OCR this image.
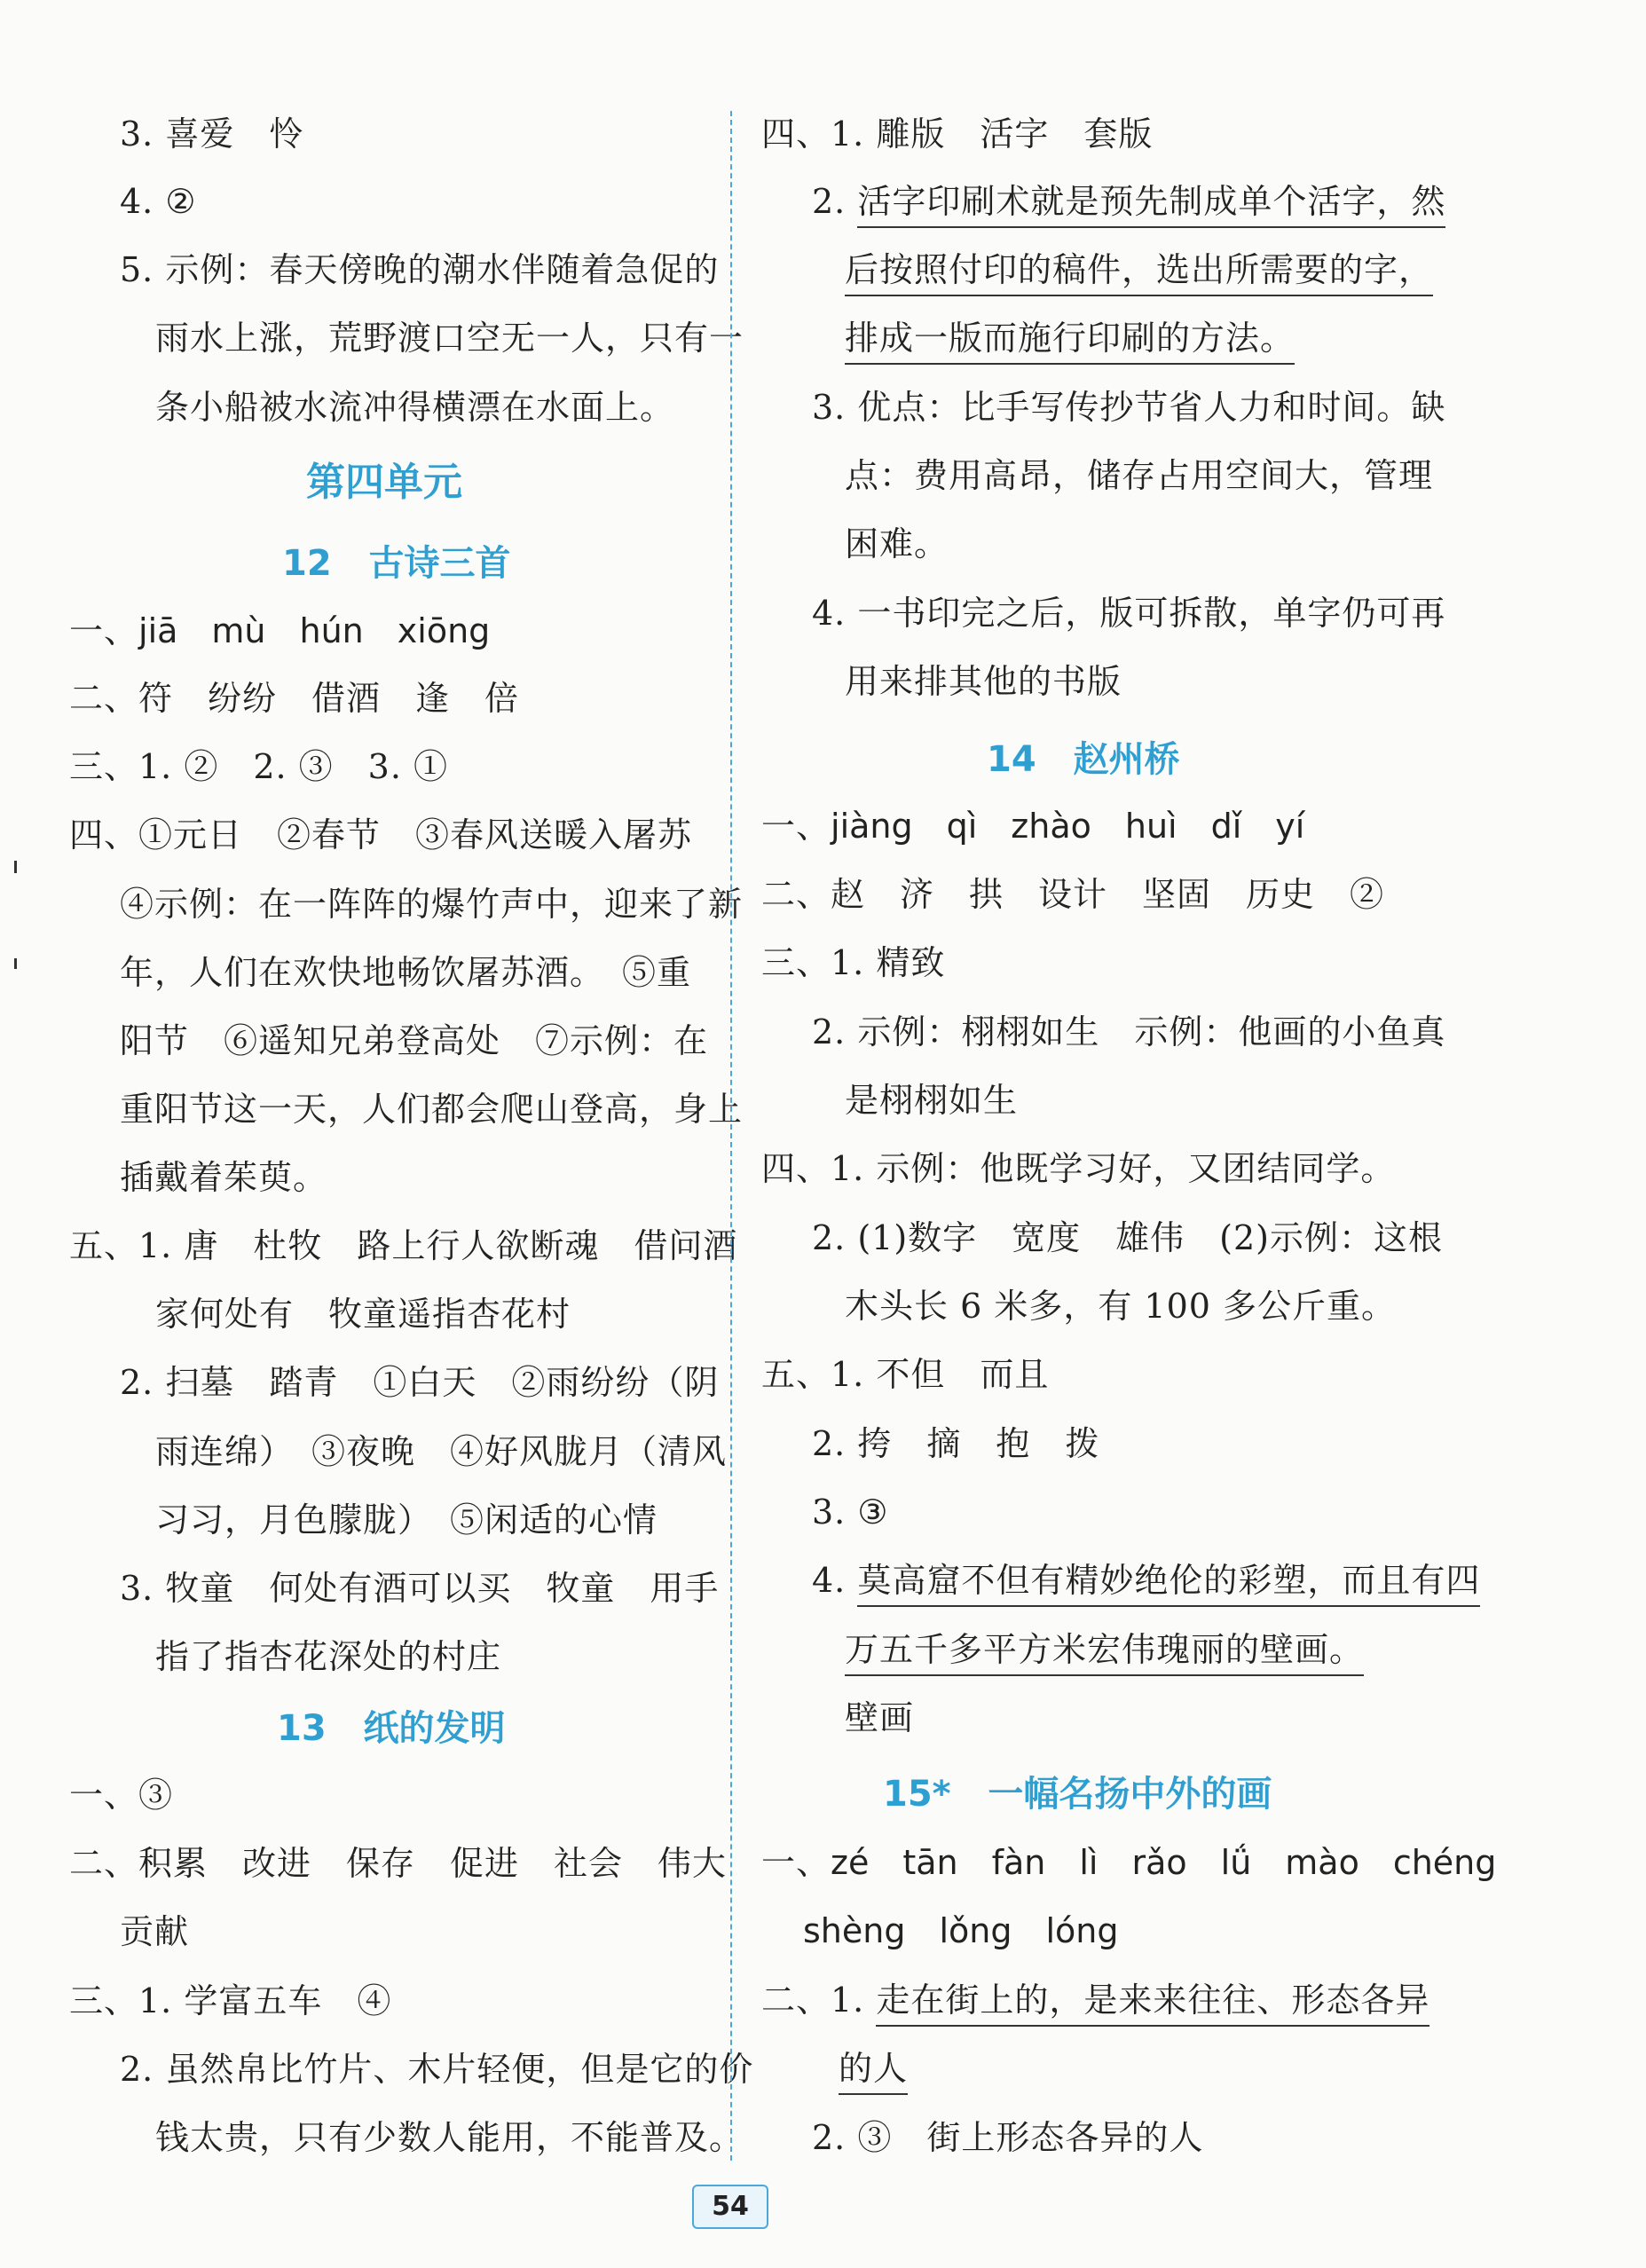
3. 喜爱　怜
4. ②
5. 示例：春天傍晚的潮水伴随着急促的
雨水上涨，荒野渡口空无一人，只有一
条小船被水流冲得横漂在水面上。
第四单元
12 古诗三首
一、jiā　mù　hún　xiōng
二、符　纷纷　借酒　逢　倍
三、1. ②　2. ③　3. ①
四、①元日　②春节　③春风送暖入屠苏
④示例：在一阵阵的爆竹声中，迎来了新
年，人们在欢快地畅饮屠苏酒。　⑤重
阳节　⑥遥知兄弟登高处　⑦示例：在
重阳节这一天，人们都会爬山登高，身上
插戴着茱萸。
五、1. 唐　杜牧　路上行人欲断魂　借问酒
家何处有　牧童遥指杏花村
2. 扫墓　踏青　①白天　②雨纷纷（阴
雨连绵）　③夜晚　④好风胧月（清风
习习，月色朦胧）　⑤闲适的心情
3. 牧童　何处有酒可以买　牧童　用手
指了指杏花深处的村庄
13 纸的发明
一、③
二、积累　改进　保存　促进　社会　伟大
贡献
三、1. 学富五车　④
2. 虽然帛比竹片、木片轻便，但是它的价
钱太贵，只有少数人能用，不能普及。
四、1. 雕版　活字　套版
2. 活字印刷术就是预先制成单个活字，然
后按照付印的稿件，选出所需要的字，
排成一版而施行印刷的方法。
3. 优点：比手写传抄节省人力和时间。缺
点：费用高昂，储存占用空间大，管理
困难。
4. 一书印完之后，版可拆散，单字仍可再
用来排其他的书版
14 赵州桥
一、jiàng　qì　zhào　huì　dǐ　yí
二、赵　济　拱　设计　坚固　历史　②
三、1. 精致
2. 示例：栩栩如生　示例：他画的小鱼真
是栩栩如生
四、1. 示例：他既学习好，又团结同学。
2. (1)数字　宽度　雄伟　(2)示例：这根
木头长 6 米多，有 100 多公斤重。
五、1. 不但　而且
2. 挎　摘　抱　拨
3. ③
4. 莫高窟不但有精妙绝伦的彩塑，而且有四
万五千多平方米宏伟瑰丽的壁画。
壁画
15* 一幅名扬中外的画
一、zé　tān　fàn　lì　rǎo　lǘ　mào　chéng
shèng　lǒng　lóng
二、1. 走在街上的，是来来往往、形态各异
的人
2. ③　街上形态各异的人
54
